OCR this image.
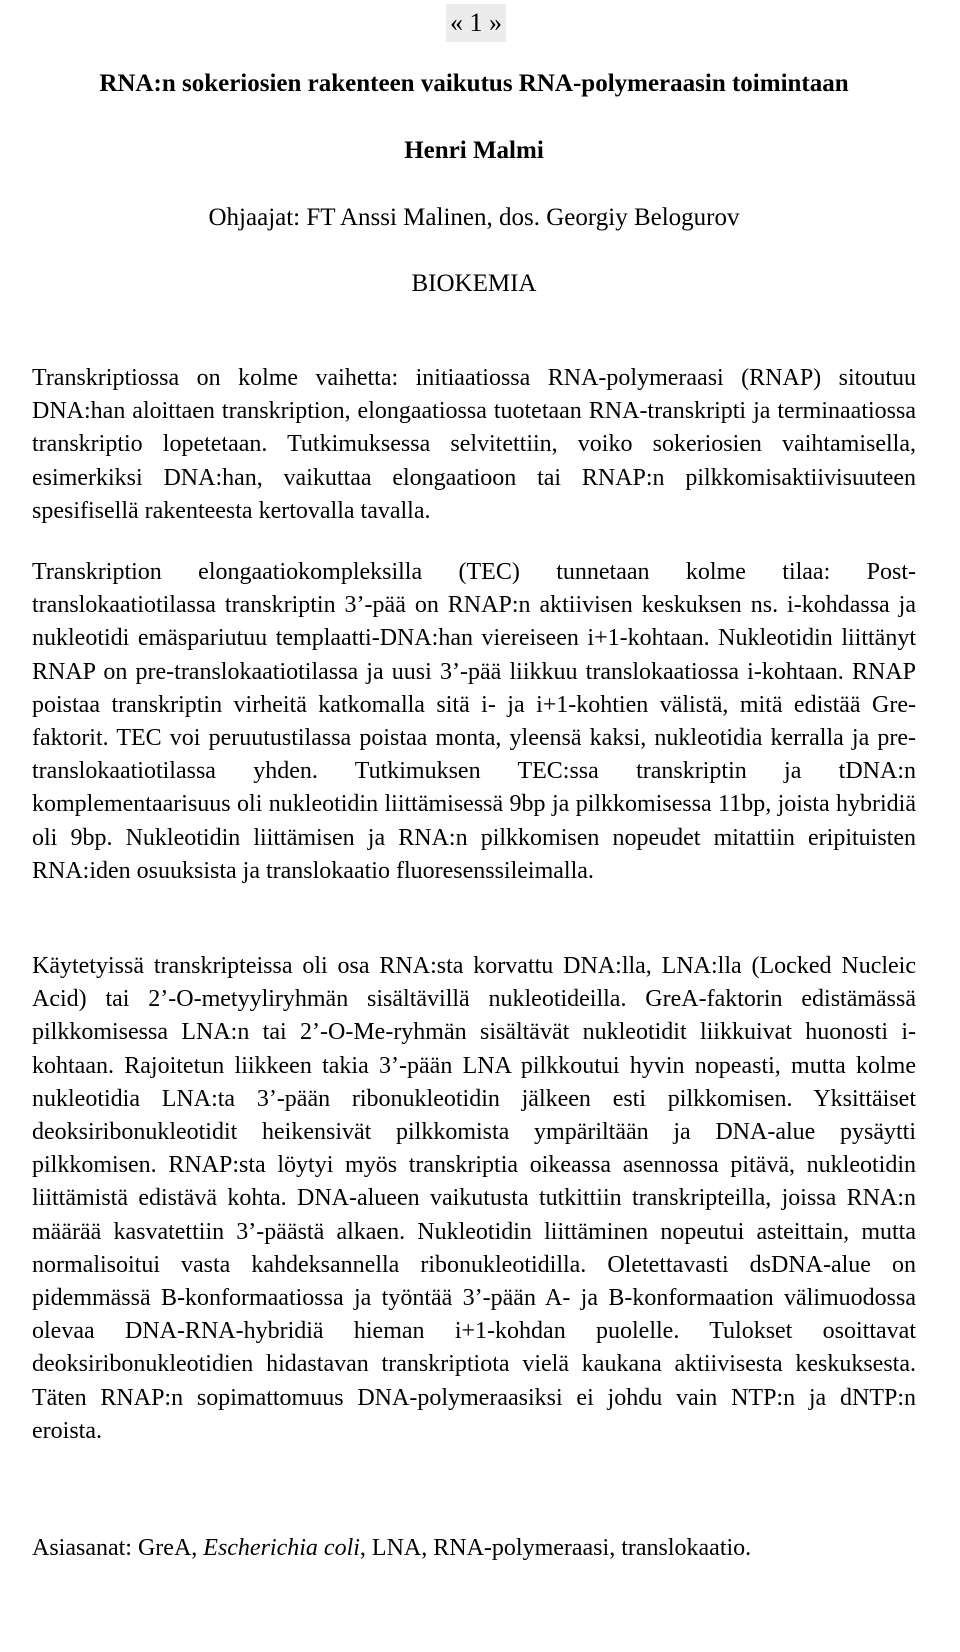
« 1 »
RNA:n sokeriosien rakenteen vaikutus RNA-polymeraasin toimintaan
Henri Malmi
Ohjaajat: FT Anssi Malinen, dos. Georgiy Belogurov
BIOKEMIA

Transkriptiossa on kolme vaihetta: initiaatiossa RNA-polymeraasi (RNAP) sitoutuu DNA:han aloittaen transkription, elongaatiossa tuotetaan RNA-transkripti ja terminaatiossa transkriptio lopetetaan. Tutkimuksessa selvitettiin, voiko sokeriosien vaihtamisella, esimerkiksi DNA:han, vaikuttaa elongaatioon tai RNAP:n pilkkomisaktiivisuuteen spesifisellä rakenteesta kertovalla tavalla.

Transkription elongaatiokompleksilla (TEC) tunnetaan kolme tilaa: Post-translokaatiotilassa transkriptin 3’-pää on RNAP:n aktiivisen keskuksen ns. i-kohdassa ja nukleotidi emäspariutuu templaatti-DNA:han viereiseen i+1-kohtaan. Nukleotidin liittänyt RNAP on pre-translokaatiotilassa ja uusi 3’-pää liikkuu translokaatiossa i-kohtaan. RNAP poistaa transkriptin virheitä katkomalla sitä i- ja i+1-kohtien välistä, mitä edistää Gre-faktorit. TEC voi peruutustilassa poistaa monta, yleensä kaksi, nukleotidia kerralla ja pre-translokaatiotilassa yhden. Tutkimuksen TEC:ssa transkriptin ja tDNA:n komplementaarisuus oli nukleotidin liittämisessä 9bp ja pilkkomisessa 11bp, joista hybridiä oli 9bp. Nukleotidin liittämisen ja RNA:n pilkkomisen nopeudet mitattiin eripituisten RNA:iden osuuksista ja translokaatio fluoresenssileimalla.

Käytetyissä transkripteissa oli osa RNA:sta korvattu DNA:lla, LNA:lla (Locked Nucleic Acid) tai 2’-O-metyyliryhmän sisältävillä nukleotideilla. GreA-faktorin edistämässä pilkkomisessa LNA:n tai 2’-O-Me-ryhmän sisältävät nukleotidit liikkuivat huonosti i-kohtaan. Rajoitetun liikkeen takia 3’-pään LNA pilkkoutui hyvin nopeasti, mutta kolme nukleotidia LNA:ta 3’-pään ribonukleotidin jälkeen esti pilkkomisen. Yksittäiset deoksiribonukleotidit heikensivät pilkkomista ympäriltään ja DNA-alue pysäytti pilkkomisen. RNAP:sta löytyi myös transkriptia oikeassa asennossa pitävä, nukleotidin liittämistä edistävä kohta. DNA-alueen vaikutusta tutkittiin transkripteilla, joissa RNA:n määrää kasvatettiin 3’-päästä alkaen. Nukleotidin liittäminen nopeutui asteittain, mutta normalisoitui vasta kahdeksannella ribonukleotidilla. Oletettavasti dsDNA-alue on pidemmässä B-konformaatiossa ja työntää 3’-pään A- ja B-konformaation välimuodossa olevaa DNA-RNA-hybridiä hieman i+1-kohdan puolelle. Tulokset osoittavat deoksiribonukleotidien hidastavan transkriptiota vielä kaukana aktiivisesta keskuksesta. Täten RNAP:n sopimattomuus DNA-polymeraasiksi ei johdu vain NTP:n ja dNTP:n eroista.

Asiasanat: GreA, Escherichia coli, LNA, RNA-polymeraasi, translokaatio.
